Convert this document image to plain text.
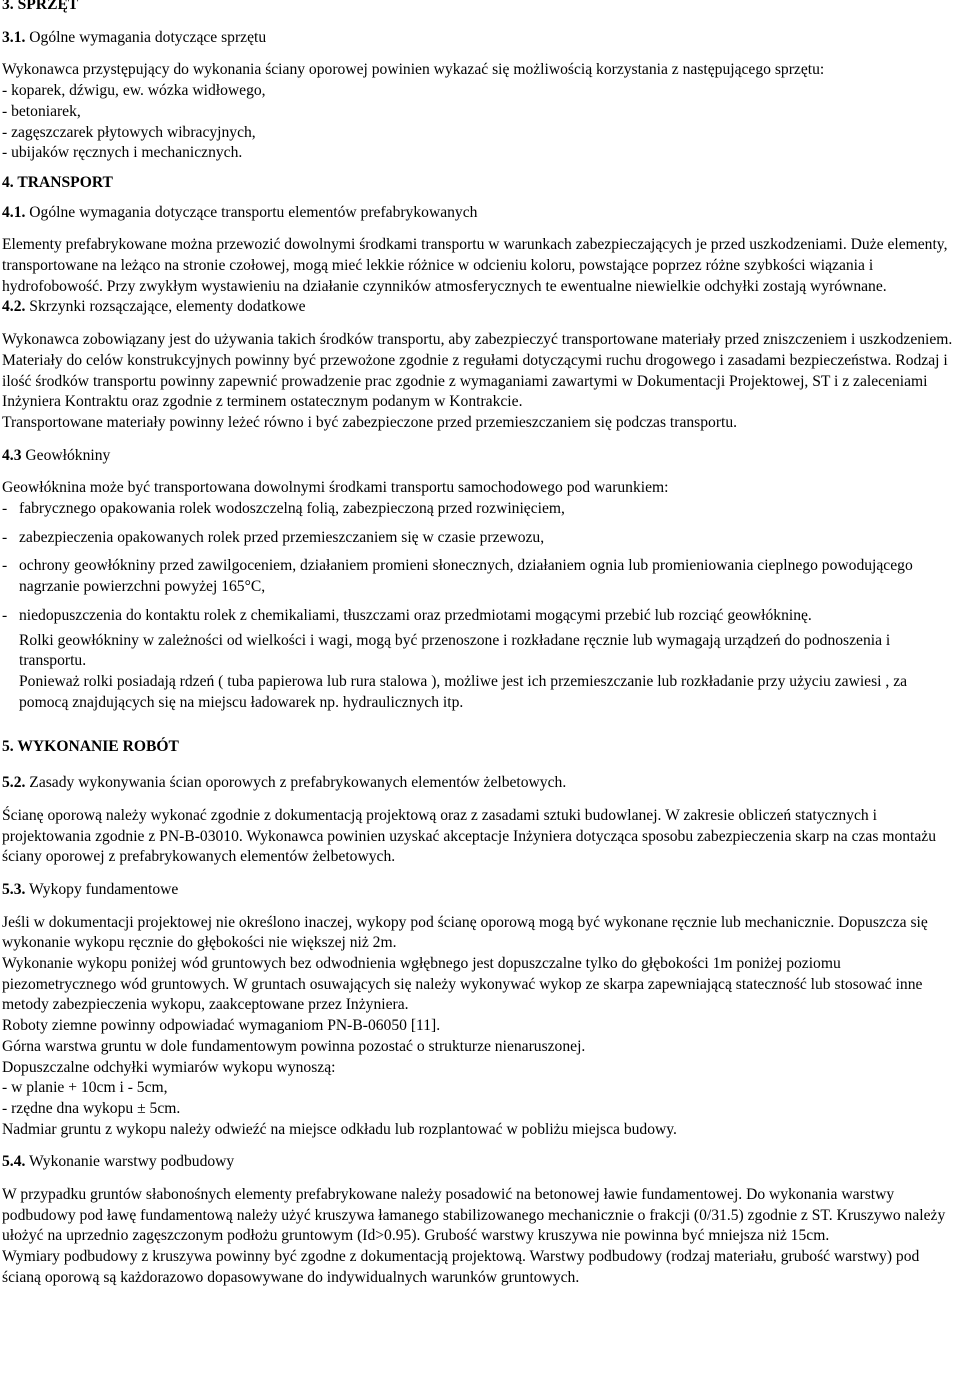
3. SPRZĘT

3.1. Ogólne wymagania dotyczące sprzętu

Wykonawca przystępujący do wykonania ściany oporowej powinien wykazać się możliwością korzystania z następującego sprzętu:

- koparek, dźwigu, ew. wózka widłowego,

- betoniarek,

- zagęszczarek płytowych wibracyjnych,

- ubijaków ręcznych i mechanicznych.

4. TRANSPORT

4.1. Ogólne wymagania dotyczące transportu elementów prefabrykowanych

Elementy prefabrykowane można przewozić dowolnymi środkami transportu w warunkach zabezpieczających je przed uszkodzeniami. Duże elementy, transportowane na leżąco na stronie czołowej, mogą mieć lekkie różnice w odcieniu koloru, powstające poprzez różne szybkości wiązania i hydrofobowość. Przy zwykłym wystawieniu na działanie czynników atmosferycznych te ewentualne niewielkie odchyłki zostają wyrównane.

4.2. Skrzynki rozsączające, elementy dodatkowe

Wykonawca zobowiązany jest do używania takich środków transportu, aby zabezpieczyć transportowane materiały przed zniszczeniem i uszkodzeniem. Materiały do celów konstrukcyjnych powinny być przewożone zgodnie z regułami dotyczącymi ruchu drogowego i zasadami bezpieczeństwa. Rodzaj i ilość środków transportu powinny zapewnić prowadzenie prac zgodnie z wymaganiami zawartymi w Dokumentacji Projektowej, ST i z zaleceniami Inżyniera Kontraktu oraz zgodnie z terminem ostatecznym podanym w Kontrakcie.

Transportowane materiały powinny leżeć równo i być zabezpieczone przed przemieszczaniem się podczas transportu.

4.3 Geowłókniny

Geowłóknina może być transportowana dowolnymi środkami transportu samochodowego pod warunkiem:

- fabrycznego opakowania rolek wodoszczelną folią, zabezpieczoną przed rozwinięciem,

- zabezpieczenia opakowanych rolek przed przemieszczaniem się w czasie przewozu,

- ochrony geowłókniny przed zawilgoceniem, działaniem promieni słonecznych, działaniem ognia lub promieniowania cieplnego powodującego nagrzanie powierzchni powyżej 165°C,

- niedopuszczenia do kontaktu rolek z chemikaliami, tłuszczami oraz przedmiotami mogącymi przebić lub rozciąć geowłókninę.

Rolki geowłókniny w zależności od wielkości i wagi, mogą być przenoszone i rozkładane ręcznie lub wymagają urządzeń do podnoszenia i transportu.

Ponieważ rolki posiadają rdzeń ( tuba papierowa lub rura stalowa ), możliwe jest ich przemieszczanie lub rozkładanie przy użyciu zawiesi , za pomocą znajdujących się na miejscu ładowarek np. hydraulicznych itp.

5. WYKONANIE ROBÓT

5.2. Zasady wykonywania ścian oporowych z prefabrykowanych elementów żelbetowych.

Ścianę oporową należy wykonać zgodnie z dokumentacją projektową oraz z zasadami sztuki budowlanej. W zakresie obliczeń statycznych i projektowania zgodnie z PN-B-03010. Wykonawca powinien uzyskać akceptacje Inżyniera dotycząca sposobu zabezpieczenia skarp na czas montażu ściany oporowej z prefabrykowanych elementów żelbetowych.

5.3. Wykopy fundamentowe

Jeśli w dokumentacji projektowej nie określono inaczej, wykopy pod ścianę oporową mogą być wykonane ręcznie lub mechanicznie. Dopuszcza się wykonanie wykopu ręcznie do głębokości nie większej niż 2m.

Wykonanie wykopu poniżej wód gruntowych bez odwodnienia wgłębnego jest dopuszczalne tylko do głębokości 1m poniżej poziomu piezometrycznego wód gruntowych. W gruntach osuwających się należy wykonywać wykop ze skarpa zapewniającą stateczność lub stosować inne metody zabezpieczenia wykopu, zaakceptowane przez Inżyniera.

Roboty ziemne powinny odpowiadać wymaganiom PN-B-06050 [11].

Górna warstwa gruntu w dole fundamentowym powinna pozostać o strukturze nienaruszonej.

Dopuszczalne odchyłki wymiarów wykopu wynoszą:

- w planie + 10cm i - 5cm,

- rzędne dna wykopu ± 5cm.

Nadmiar gruntu z wykopu należy odwieźć na miejsce odkładu lub rozplantować w pobliżu miejsca budowy.

5.4. Wykonanie warstwy podbudowy

W przypadku gruntów słabonośnych elementy prefabrykowane należy posadowić na betonowej ławie fundamentowej. Do wykonania warstwy podbudowy pod ławę fundamentową należy użyć kruszywa łamanego stabilizowanego mechanicznie o frakcji (0/31.5) zgodnie z ST. Kruszywo należy ułożyć na uprzednio zagęszczonym podłożu gruntowym (Id>0.95). Grubość warstwy kruszywa nie powinna być mniejsza niż 15cm.

Wymiary podbudowy z kruszywa powinny być zgodne z dokumentacją projektową. Warstwy podbudowy (rodzaj materiału, grubość warstwy) pod ścianą oporową są każdorazowo dopasowywane do indywidualnych warunków gruntowych.
